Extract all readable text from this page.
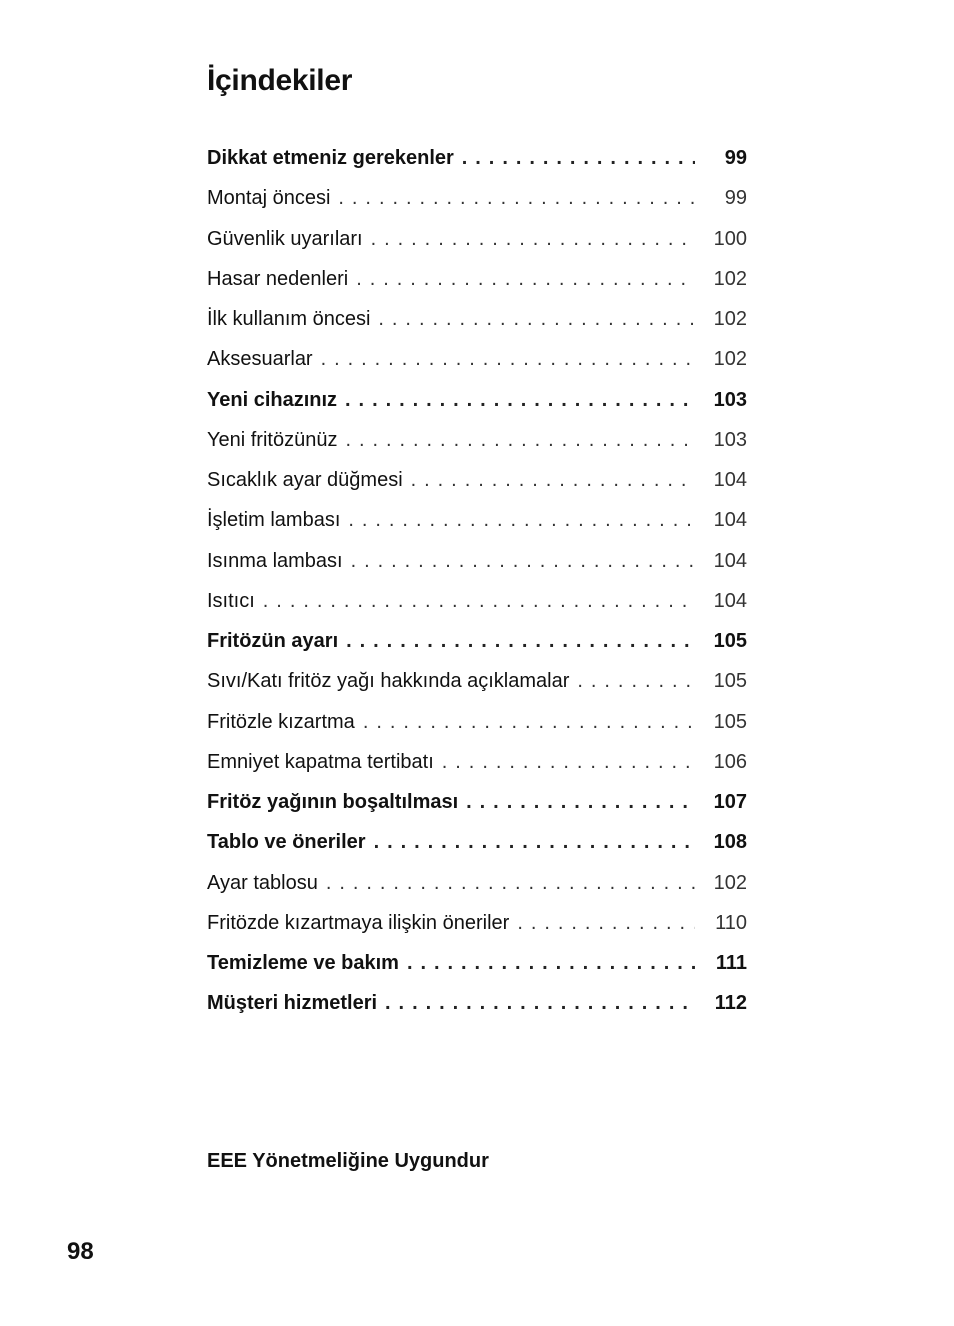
İçindekiler
Dikkat etmeniz gerekenler . . .	99
Montaj öncesi . . .	99
Güvenlik uyarıları . . .	100
Hasar nedenleri . . .	102
İlk kullanım öncesi . . .	102
Aksesuarlar . . .	102
Yeni cihazınız . . .	103
Yeni fritözünüz . . .	103
Sıcaklık ayar düğmesi . . .	104
İşletim lambası . . .	104
Isınma lambası . . .	104
Isıtıcı . . .	104
Fritözün ayarı . . .	105
Sıvı/Katı fritöz yağı hakkında açıklamalar . . .	105
Fritözle kızartma . . .	105
Emniyet kapatma tertibatı . . .	106
Fritöz yağının boşaltılması . . .	107
Tablo ve öneriler . . .	108
Ayar tablosu . . .	102
Fritözde kızartmaya ilişkin öneriler . . .	110
Temizleme ve bakım . . .	111
Müşteri hizmetleri . . .	112

EEE Yönetmeliğine Uygundur

98
